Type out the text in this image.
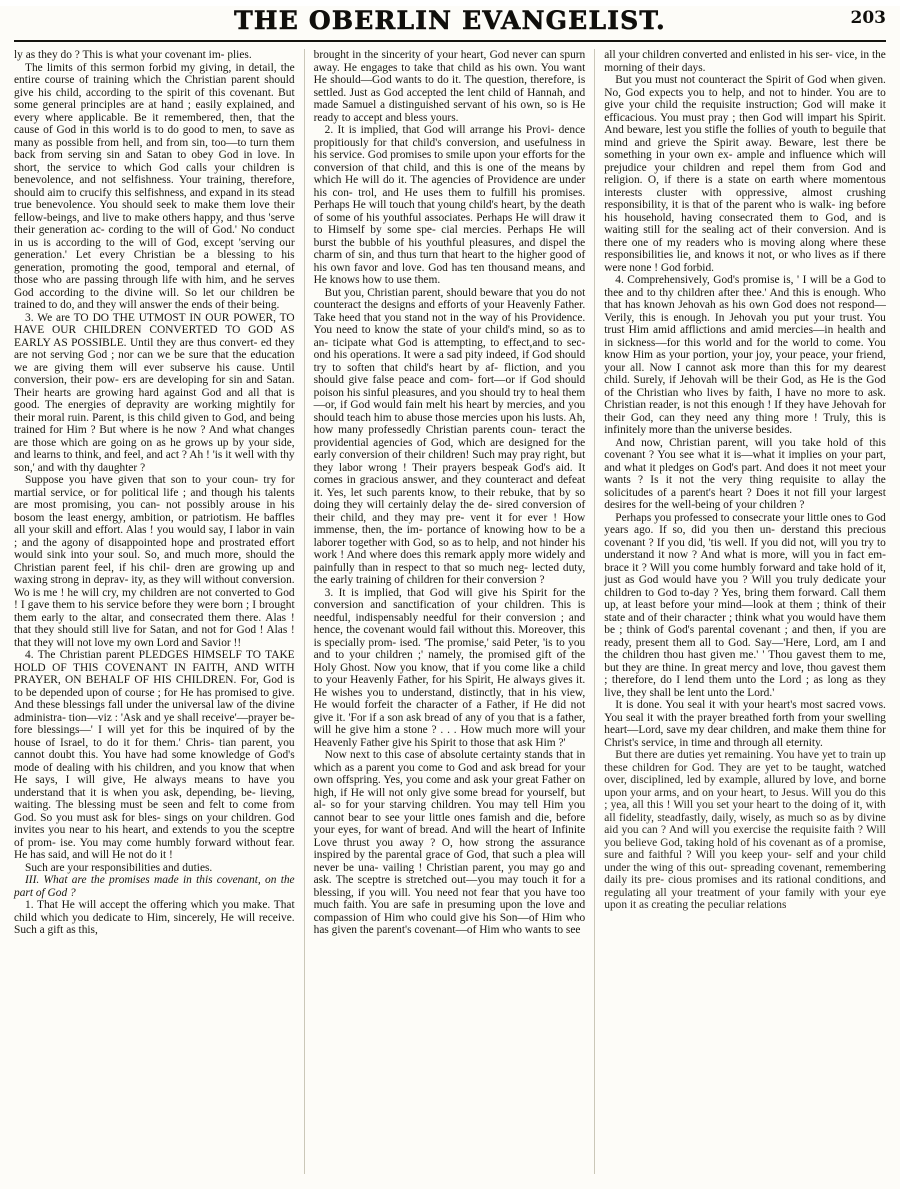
THE OBERLIN EVANGELIST.	203

ly as they do ? This is what your covenant im- plies.

The limits of this sermon forbid my giving, in detail, the entire course of training which the Christian parent should give his child, according to the spirit of this covenant. But some general principles are at hand ; easily explained, and every where applicable. Be it remembered, then, that the cause of God in this world is to do good to men, to save as many as possible from hell, and from sin, too—to turn them back from serving sin and Satan to obey God in love. In short, the service to which God calls your children is benevolence, and not selfishness. Your training, therefore, should aim to crucify this selfishness, and expand in its stead true benevolence. You should seek to make them love their fellow-beings, and live to make others happy, and thus 'serve their generation ac- cording to the will of God.' No conduct in us is according to the will of God, except 'serving our generation.' Let every Christian be a blessing to his generation, promoting the good, temporal and eternal, of those who are passing through life with him, and he serves God according to the divine will. So let our children be trained to do, and they will answer the ends of their being.

3. We are TO DO THE UTMOST IN OUR POWER, TO HAVE OUR CHILDREN CONVERTED TO GOD AS EARLY AS POSSIBLE. Until they are thus convert- ed they are not serving God ; nor can we be sure that the education we are giving them will ever subserve his cause. Until conversion, their pow- ers are developing for sin and Satan. Their hearts are growing hard against God and all that is good. The energies of depravity are working mightily for their moral ruin. Parent, is this child given to God, and being trained for Him ? But where is he now ? And what changes are those which are going on as he grows up by your side, and learns to think, and feel, and act ? Ah ! 'is it well with thy son,' and with thy daughter ?

Suppose you have given that son to your coun- try for martial service, or for political life ; and though his talents are most promising, you can- not possibly arouse in his bosom the least energy, ambition, or patriotism. He baffles all your skill and effort. Alas ! you would say, I labor in vain ; and the agony of disappointed hope and prostrated effort would sink into your soul. So, and much more, should the Christian parent feel, if his chil- dren are growing up and waxing strong in deprav- ity, as they will without conversion. Wo is me ! he will cry, my children are not converted to God ! I gave them to his service before they were born ; I brought them early to the altar, and consecrated them there. Alas ! that they should still live for Satan, and not for God ! Alas ! that they will not love my own Lord and Savior !!

4. The Christian parent PLEDGES HIMSELF TO TAKE HOLD OF THIS COVENANT IN FAITH, AND WITH PRAYER, ON BEHALF OF HIS CHILDREN. For, God is to be depended upon of course ; for He has promised to give. And these blessings fall under the universal law of the divine administra- tion—viz : 'Ask and ye shall receive'—prayer be- fore blessings—' I will yet for this be inquired of by the house of Israel, to do it for them.' Chris- tian parent, you cannot doubt this. You have had some knowledge of God's mode of dealing with his children, and you know that when He says, I will give, He always means to have you understand that it is when you ask, depending, be- lieving, waiting. The blessing must be seen and felt to come from God. So you must ask for bles- sings on your children. God invites you near to his heart, and extends to you the sceptre of prom- ise. You may come humbly forward without fear. He has said, and will He not do it !

Such are your responsibilities and duties.

III. What are the promises made in this covenant, on the part of God ?

1. That He will accept the offering which you make. That child which you dedicate to Him, sincerely, He will receive. Such a gift as this,

brought in the sincerity of your heart, God never can spurn away. He engages to take that child as his own. You want He should—God wants to do it. The question, therefore, is settled. Just as God accepted the lent child of Hannah, and made Samuel a distinguished servant of his own, so is He ready to accept and bless yours.

2. It is implied, that God will arrange his Provi- dence propitiously for that child's conversion, and usefulness in his service. God promises to smile upon your efforts for the conversion of that child, and this is one of the means by which He will do it. The agencies of Providence are under his con- trol, and He uses them to fulfill his promises. Perhaps He will touch that young child's heart, by the death of some of his youthful associates. Perhaps He will draw it to Himself by some spe- cial mercies. Perhaps He will burst the bubble of his youthful pleasures, and dispel the charm of sin, and thus turn that heart to the higher good of his own favor and love. God has ten thousand means, and He knows how to use them.

But you, Christian parent, should beware that you do not counteract the designs and efforts of your Heavenly Father. Take heed that you stand not in the way of his Providence. You need to know the state of your child's mind, so as to an- ticipate what God is attempting, to effect,and to sec- ond his operations. It were a sad pity indeed, if God should try to soften that child's heart by af- fliction, and you should give false peace and com- fort—or if God should poison his sinful pleasures, and you should try to heal them—or, if God would fain melt his heart by mercies, and you should teach him to abuse those mercies upon his lusts. Ah, how many professedly Christian parents coun- teract the providential agencies of God, which are designed for the early conversion of their children! Such may pray right, but they labor wrong ! Their prayers bespeak God's aid. It comes in gracious answer, and they counteract and defeat it. Yes, let such parents know, to their rebuke, that by so doing they will certainly delay the de- sired conversion of their child, and they may pre- vent it for ever ! How immense, then, the im- portance of knowing how to be a laborer together with God, so as to help, and not hinder his work ! And where does this remark apply more widely and painfully than in respect to that so much neg- lected duty, the early training of children for their conversion ?

3. It is implied, that God will give his Spirit for the conversion and sanctification of your children. This is needful, indispensably needful for their conversion ; and hence, the covenant would fail without this. Moreover, this is specially prom- ised. 'The promise,' said Peter, 'is to you and to your children ;' namely, the promised gift of the Holy Ghost. Now you know, that if you come like a child to your Heavenly Father, for his Spirit, He always gives it. He wishes you to understand, distinctly, that in his view, He would forfeit the character of a Father, if He did not give it. 'For if a son ask bread of any of you that is a father, will he give him a stone ? . . . How much more will your Heavenly Father give his Spirit to those that ask Him ?'

Now next to this case of absolute certainty stands that in which as a parent you come to God and ask bread for your own offspring. Yes, you come and ask your great Father on high, if He will not only give some bread for yourself, but al- so for your starving children. You may tell Him you cannot bear to see your little ones famish and die, before your eyes, for want of bread. And will the heart of Infinite Love thrust you away ? O, how strong the assurance inspired by the parental grace of God, that such a plea will never be una- vailing ! Christian parent, you may go and ask. The sceptre is stretched out—you may touch it for a blessing, if you will. You need not fear that you have too much faith. You are safe in presuming upon the love and compassion of Him who could give his Son—of Him who has given the parent's covenant—of Him who wants to see

all your children converted and enlisted in his ser- vice, in the morning of their days.

But you must not counteract the Spirit of God when given. No, God expects you to help, and not to hinder. You are to give your child the requisite instruction; God will make it efficacious. You must pray ; then God will impart his Spirit. And beware, lest you stifle the follies of youth to beguile that mind and grieve the Spirit away. Beware, lest there be something in your own ex- ample and influence which will prejudice your children and repel them from God and religion. O, if there is a state on earth where momentous interests cluster with oppressive, almost crushing responsibility, it is that of the parent who is walk- ing before his household, having consecrated them to God, and is waiting still for the sealing act of their conversion. And is there one of my readers who is moving along where these responsibilities lie, and knows it not, or who lives as if there were none ! God forbid.

4. Comprehensively, God's promise is, ' I will be a God to thee and to thy children after thee.' And this is enough. Who that has known Jehovah as his own God does not respond—Verily, this is enough. In Jehovah you put your trust. You trust Him amid afflictions and amid mercies—in health and in sickness—for this world and for the world to come. You know Him as your portion, your joy, your peace, your friend, your all. Now I cannot ask more than this for my dearest child. Surely, if Jehovah will be their God, as He is the God of the Christian who lives by faith, I have no more to ask. Christian reader, is not this enough ! If they have Jehovah for their God, can they need any thing more ! Truly, this is infinitely more than the universe besides.

And now, Christian parent, will you take hold of this covenant ? You see what it is—what it implies on your part, and what it pledges on God's part. And does it not meet your wants ? Is it not the very thing requisite to allay the solicitudes of a parent's heart ? Does it not fill your largest desires for the well-being of your children ?

Perhaps you professed to consecrate your little ones to God years ago. If so, did you then un- derstand this precious covenant ? If you did, 'tis well. If you did not, will you try to understand it now ? And what is more, will you in fact em- brace it ? Will you come humbly forward and take hold of it, just as God would have you ? Will you truly dedicate your children to God to-day ? Yes, bring them forward. Call them up, at least before your mind—look at them ; think of their state and of their character ; think what you would have them be ; think of God's parental covenant ; and then, if you are ready, present them all to God. Say—'Here, Lord, am I and the children thou hast given me.' ' Thou gavest them to me, but they are thine. In great mercy and love, thou gavest them ; therefore, do I lend them unto the Lord ; as long as they live, they shall be lent unto the Lord.'

It is done. You seal it with your heart's most sacred vows. You seal it with the prayer breathed forth from your swelling heart—Lord, save my dear children, and make them thine for Christ's service, in time and through all eternity.

But there are duties yet remaining. You have yet to train up these children for God. They are yet to be taught, watched over, disciplined, led by example, allured by love, and borne upon your arms, and on your heart, to Jesus. Will you do this ; yea, all this ! Will you set your heart to the doing of it, with all fidelity, steadfastly, daily, wisely, as much so as by divine aid you can ? And will you exercise the requisite faith ? Will you believe God, taking hold of his covenant as of a promise, sure and faithful ? Will you keep your- self and your child under the wing of this out- spreading covenant, remembering daily its pre- cious promises and its rational conditions, and regulating all your treatment of your family with your eye upon it as creating the peculiar relations
